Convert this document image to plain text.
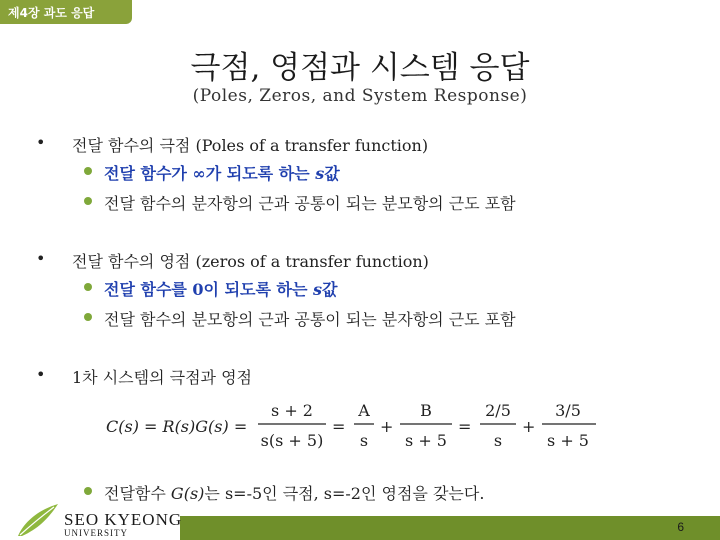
제4장 과도 응답
극점, 영점과 시스템 응답
(Poles, Zeros, and System Response)
• 전달 함수의 극점 (Poles of a transfer function)
전달 함수가 ∞가 되도록 하는 s값
전달 함수의 분자항의 근과 공통이 되는 분모항의 근도 포함
• 전달 함수의 영점 (zeros of a transfer function)
전달 함수를 0이 되도록 하는 s값
전달 함수의 분모항의 근과 공통이 되는 분자항의 근도 포함
• 1차 시스템의 극점과 영점
C(s) = R(s)G(s) =
s + 2
s(s + 5)
=
A
s
+
B
s + 5
=
2/5
s
+
3/5
s + 5
전달함수 G(s)는 s=-5인 극점, s=-2인 영점을 갖는다.
SEO KYEONG
UNIVERSITY	6
